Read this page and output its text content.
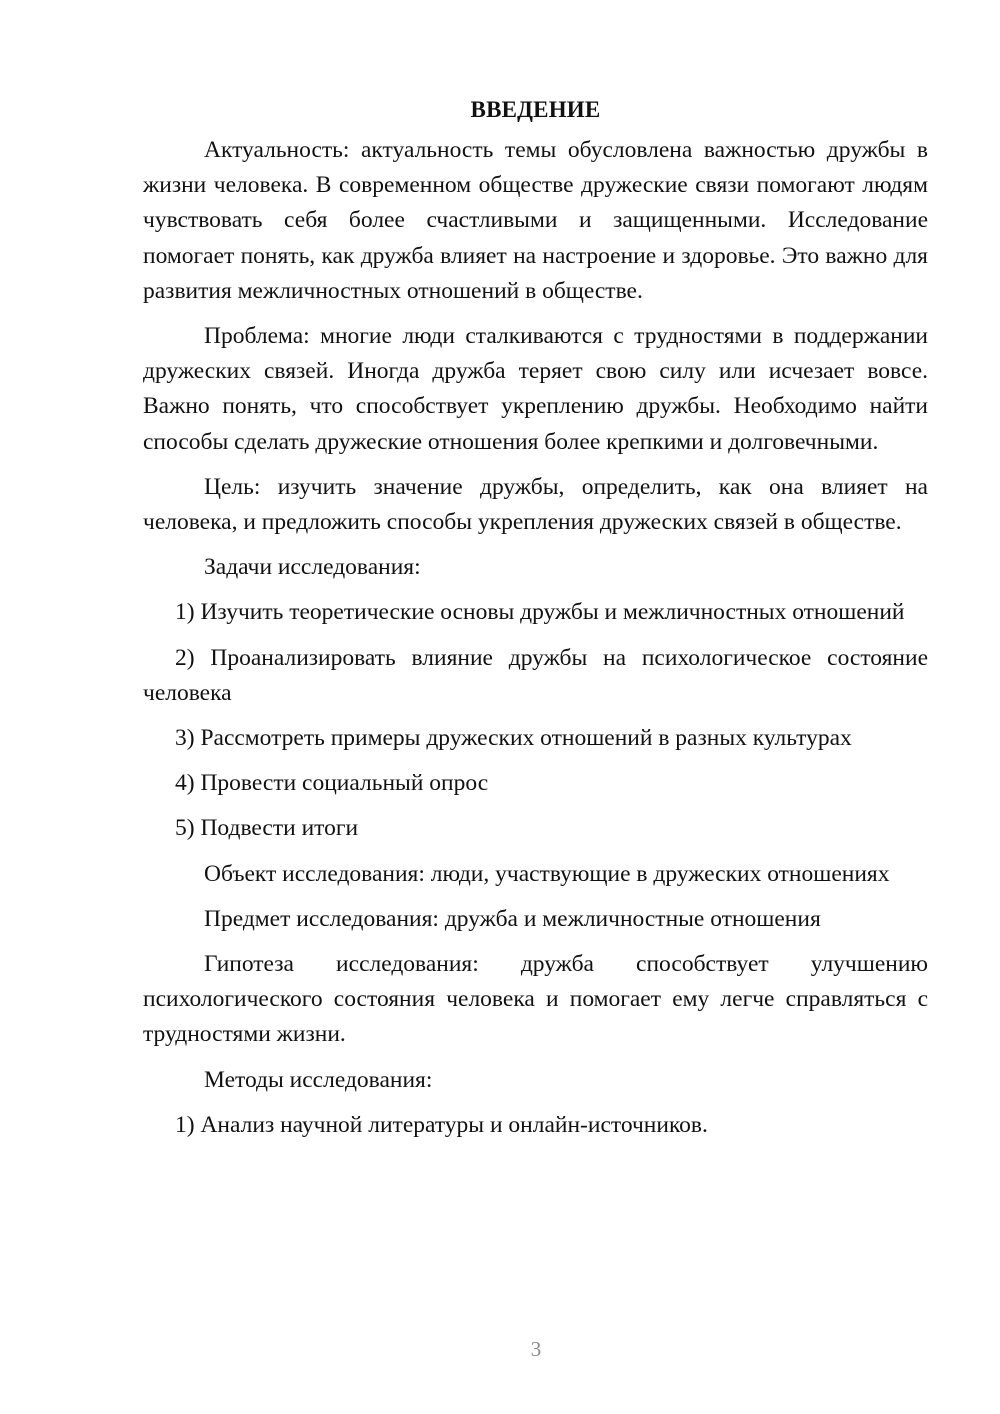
ВВЕДЕНИЕ

Актуальность: актуальность темы обусловлена важностью дружбы в жизни человека. В современном обществе дружеские связи помогают людям чувствовать себя более счастливыми и защищенными. Исследование помогает понять, как дружба влияет на настроение и здоровье. Это важно для развития межличностных отношений в обществе.

Проблема: многие люди сталкиваются с трудностями в поддержании дружеских связей. Иногда дружба теряет свою силу или исчезает вовсе. Важно понять, что способствует укреплению дружбы. Необходимо найти способы сделать дружеские отношения более крепкими и долговечными.

Цель: изучить значение дружбы, определить, как она влияет на человека, и предложить способы укрепления дружеских связей в обществе.

Задачи исследования:

1) Изучить теоретические основы дружбы и межличностных отношений

2) Проанализировать влияние дружбы на психологическое состояние человека

3) Рассмотреть примеры дружеских отношений в разных культурах

4) Провести социальный опрос

5) Подвести итоги

Объект исследования: люди, участвующие в дружеских отношениях

Предмет исследования: дружба и межличностные отношения

Гипотеза исследования: дружба способствует улучшению психологического состояния человека и помогает ему легче справляться с трудностями жизни.

Методы исследования:

1) Анализ научной литературы и онлайн-источников.

3
